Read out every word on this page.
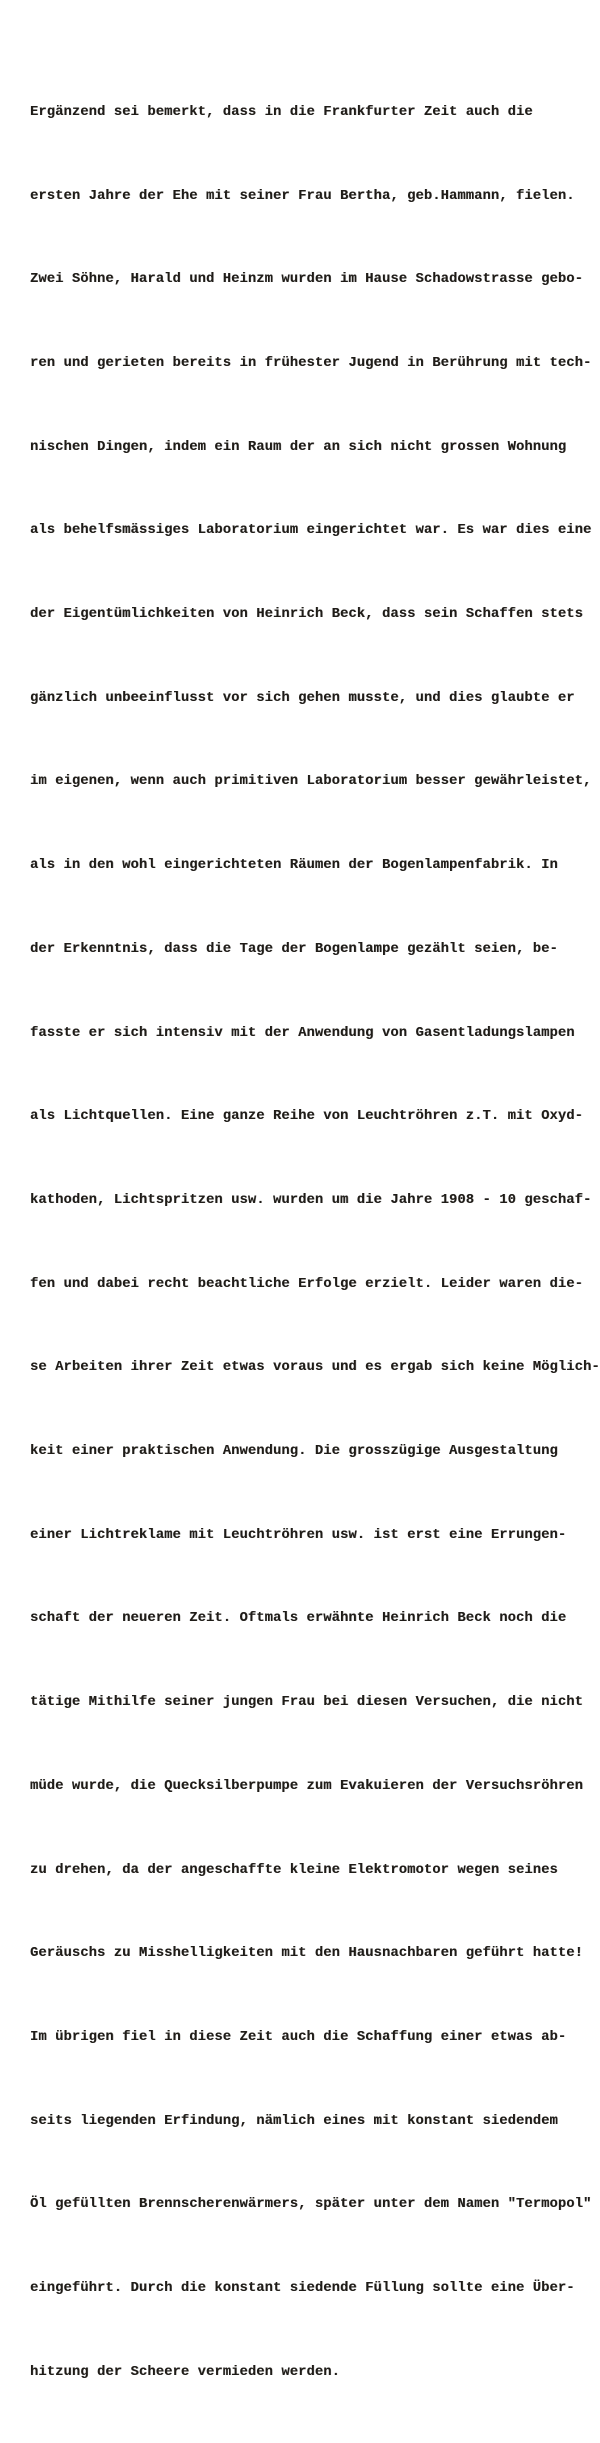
Ergänzend sei bemerkt, dass in die Frankfurter Zeit auch die

ersten Jahre der Ehe mit seiner Frau Bertha, geb.Hammann, fielen.

Zwei Söhne, Harald und Heinzm wurden im Hause Schadowstrasse gebo-

ren und gerieten bereits in frühester Jugend in Berührung mit tech-

nischen Dingen, indem ein Raum der an sich nicht grossen Wohnung

als behelfsmässiges Laboratorium eingerichtet war. Es war dies eine

der Eigentümlichkeiten von Heinrich Beck, dass sein Schaffen stets

gänzlich unbeeinflusst vor sich gehen musste, und dies glaubte er

im eigenen, wenn auch primitiven Laboratorium besser gewährleistet,

als in den wohl eingerichteten Räumen der Bogenlampenfabrik. In

der Erkenntnis, dass die Tage der Bogenlampe gezählt seien, be-

fasste er sich intensiv mit der Anwendung von Gasentladungslampen

als Lichtquellen. Eine ganze Reihe von Leuchtröhren z.T. mit Oxyd-

kathoden, Lichtspritzen usw. wurden um die Jahre 1908 - 10 geschaf-

fen und dabei recht beachtliche Erfolge erzielt. Leider waren die-

se Arbeiten ihrer Zeit etwas voraus und es ergab sich keine Möglich-

keit einer praktischen Anwendung. Die grosszügige Ausgestaltung

einer Lichtreklame mit Leuchtröhren usw. ist erst eine Errungen-

schaft der neueren Zeit. Oftmals erwähnte Heinrich Beck noch die

tätige Mithilfe seiner jungen Frau bei diesen Versuchen, die nicht

müde wurde, die Quecksilberpumpe zum Evakuieren der Versuchsröhren

zu drehen, da der angeschaffte kleine Elektromotor wegen seines

Geräuschs zu Misshelligkeiten mit den Hausnachbaren geführt hatte!

Im übrigen fiel in diese Zeit auch die Schaffung einer etwas ab-

seits liegenden Erfindung, nämlich eines mit konstant siedendem

Öl gefüllten Brennscherenwärmers, später unter dem Namen "Termopol"

eingeführt. Durch die konstant siedende Füllung sollte eine Über-

hitzung der Scheere vermieden werden.
